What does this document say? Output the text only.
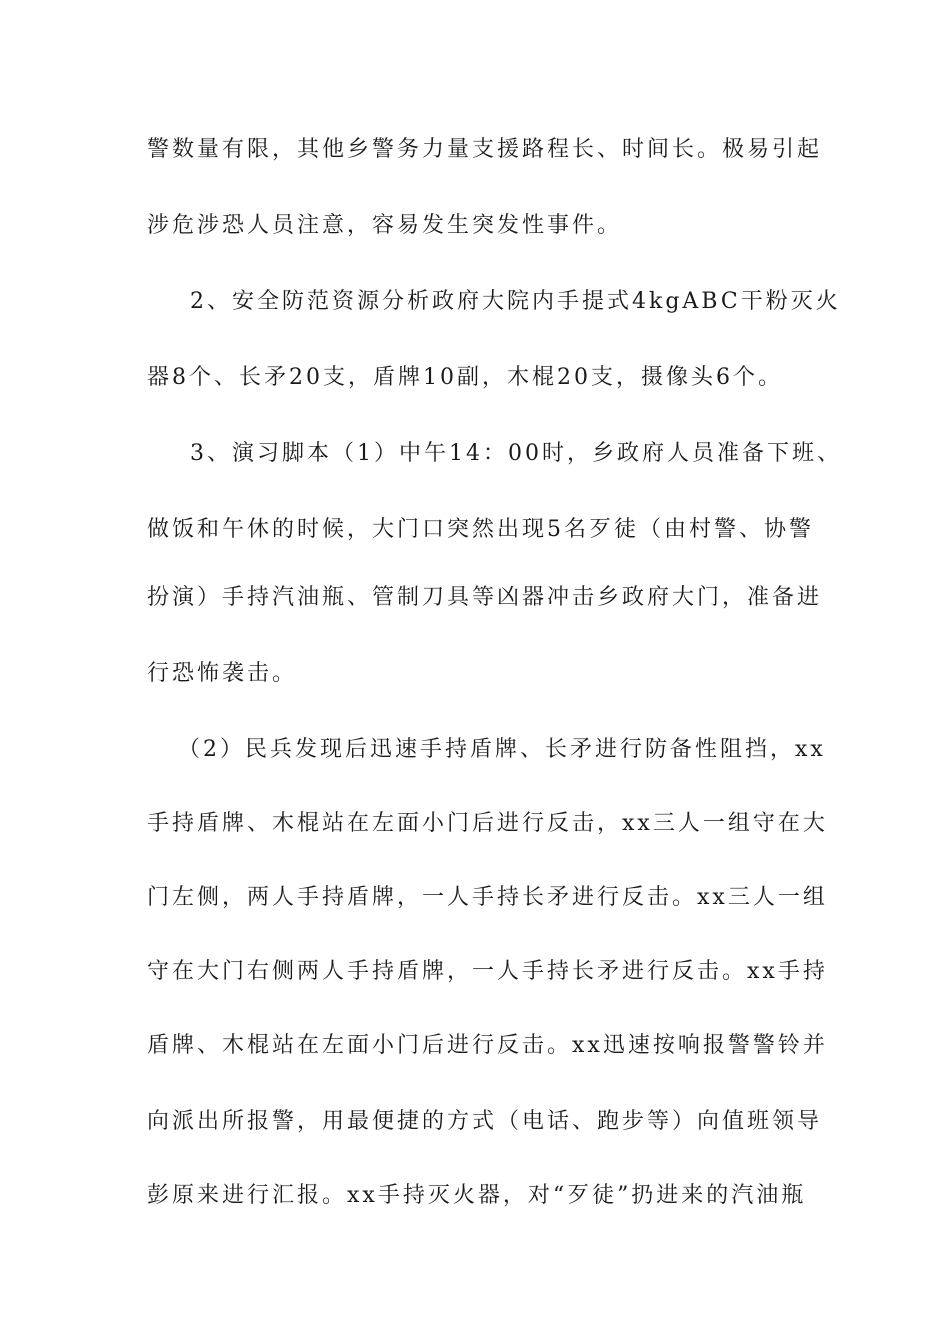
警数量有限，其他乡警务力量支援路程长、时间长。极易引起
涉危涉恐人员注意，容易发生突发性事件。
2、安全防范资源分析政府大院内手提式4kgABC干粉灭火
器8个、长矛20支，盾牌10副，木棍20支，摄像头6个。
3、演习脚本（1）中午14：00时，乡政府人员准备下班、
做饭和午休的时候，大门口突然出现5名歹徒（由村警、协警
扮演）手持汽油瓶、管制刀具等凶器冲击乡政府大门，准备进
行恐怖袭击。
（2）民兵发现后迅速手持盾牌、长矛进行防备性阻挡，xx
手持盾牌、木棍站在左面小门后进行反击，xx三人一组守在大
门左侧，两人手持盾牌，一人手持长矛进行反击。xx三人一组
守在大门右侧两人手持盾牌，一人手持长矛进行反击。xx手持
盾牌、木棍站在左面小门后进行反击。xx迅速按响报警警铃并
向派出所报警，用最便捷的方式（电话、跑步等）向值班领导
彭原来进行汇报。xx手持灭火器，对“歹徒”扔进来的汽油瓶
